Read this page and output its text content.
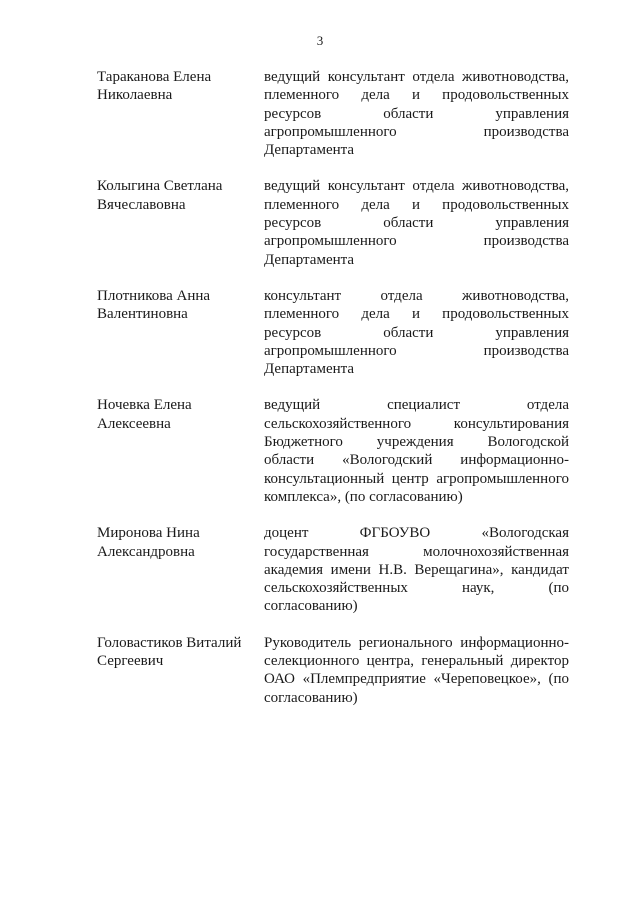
3
Тараканова Елена
Николаевна
ведущий консультант отдела животноводства,
племенного дела и продовольственных
ресурсов области управления
агропромышленного производства
Департамента
Колыгина Светлана
Вячеславовна
ведущий консультант отдела животноводства,
племенного дела и продовольственных
ресурсов области управления
агропромышленного производства
Департамента
Плотникова Анна
Валентиновна
консультант отдела животноводства,
племенного дела и продовольственных
ресурсов области управления
агропромышленного производства
Департамента
Ночевка Елена
Алексеевна
ведущий специалист отдела
сельскохозяйственного консультирования
Бюджетного учреждения Вологодской
области «Вологодский информационно-
консультационный центр агропромышленного
комплекса», (по согласованию)
Миронова Нина
Александровна
доцент ФГБОУВО «Вологодская
государственная молочнохозяйственная
академия имени Н.В. Верещагина», кандидат
сельскохозяйственных наук, (по
согласованию)
Головастиков Виталий
Сергеевич
Руководитель регионального информационно-
селекционного центра, генеральный директор
ОАО «Племпредприятие «Череповецкое», (по
согласованию)
